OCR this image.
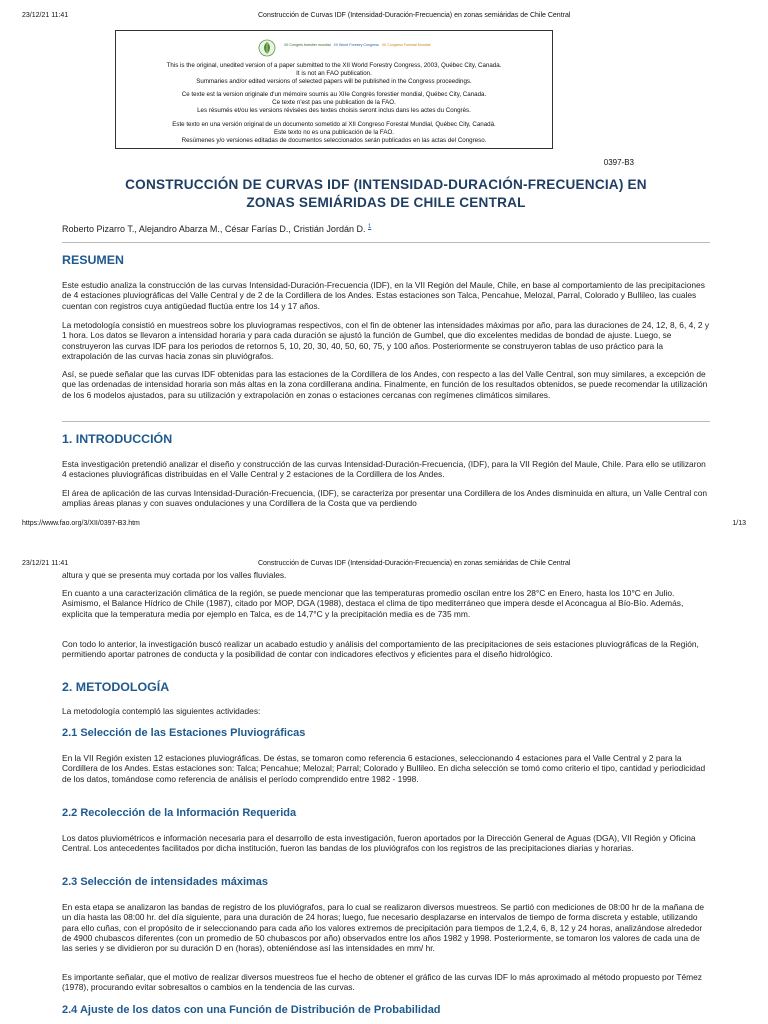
23/12/21 11:41	Construcción de Curvas IDF (Intensidad-Duración-Frecuencia) en zonas semiáridas de Chile Central
XII Congrès forestier mondial XII World Forestry Congress XII Congreso Forestal Mundial
This is the original, unedited version of a paper submitted to the XII World Forestry Congress, 2003, Québec City, Canada.
It is not an FAO publication.
Summaries and/or edited versions of selected papers will be published in the Congress proceedings.
Ce texte est la version originale d'un mémoire soumis au XIIe Congrès forestier mondial, Québec City, Canada.
Ce texte n'est pas une publication de la FAO.
Les résumés et/ou les versions révisées des textes choisis seront inclus dans les actes du Congrès.
Este texto en una versión original de un documento sometido al XII Congreso Forestal Mundial, Québec City, Canadá.
Este texto no es una publicación de la FAO.
Resúmenes y/o versiones editadas de documentos seleccionados serán publicados en las actas del Congreso.
0397-B3
CONSTRUCCIÓN DE CURVAS IDF (INTENSIDAD-DURACIÓN-FRECUENCIA) EN
ZONAS SEMIÁRIDAS DE CHILE CENTRAL

Roberto Pizarro T., Alejandro Abarza M., César Farías D., Cristián Jordán D. $^1$

RESUMEN

Este estudio analiza la construcción de las curvas Intensidad-Duración-Frecuencia (IDF), en la VII Región del Maule, Chile, en base al comportamiento de las precipitaciones de 4 estaciones pluviográficas del Valle Central y de 2 de la Cordillera de los Andes. Estas estaciones son Talca, Pencahue, Melozal, Parral, Colorado y Bullileo, las cuales cuentan con registros cuya antigüedad fluctúa entre los 14 y 17 años.

La metodología consistió en muestreos sobre los pluviogramas respectivos, con el fin de obtener las intensidades máximas por año, para las duraciones de 24, 12, 8, 6, 4, 2 y 1 hora. Los datos se llevaron a intensidad horaria y para cada duración se ajustó la función de Gumbel, que dio excelentes medidas de bondad de ajuste. Luego, se construyeron las curvas IDF para los periodos de retornos 5, 10, 20, 30, 40, 50, 60, 75, y 100 años. Posteriormente se construyeron tablas de uso práctico para la extrapolación de las curvas hacia zonas sin pluviógrafos.

Así, se puede señalar que las curvas IDF obtenidas para las estaciones de la Cordillera de los Andes, con respecto a las del Valle Central, son muy similares, a excepción de que las ordenadas de intensidad horaria son más altas en la zona cordillerana andina. Finalmente, en función de los resultados obtenidos, se puede recomendar la utilización de los 6 modelos ajustados, para su utilización y extrapolación en zonas o estaciones cercanas con regímenes climáticos similares.

1. INTRODUCCIÓN

Esta investigación pretendió analizar el diseño y construcción de las curvas Intensidad-Duración-Frecuencia, (IDF), para la VII Región del Maule, Chile. Para ello se utilizaron 4 estaciones pluviográficas distribuidas en el Valle Central y 2 estaciones de la Cordillera de los Andes.

El área de aplicación de las curvas Intensidad-Duración-Frecuencia, (IDF), se caracteriza por presentar una Cordillera de los Andes disminuida en altura, un Valle Central con amplias áreas planas y con suaves ondulaciones y una Cordillera de la Costa que va perdiendo

https://www.fao.org/3/XII/0397-B3.htm	1/13
23/12/21 11:41	Construcción de Curvas IDF (Intensidad-Duración-Frecuencia) en zonas semiáridas de Chile Central

altura y que se presenta muy cortada por los valles fluviales.

En cuanto a una caracterización climática de la región, se puede mencionar que las temperaturas promedio oscilan entre los 28°C en Enero, hasta los 10°C en Julio. Asimismo, el Balance Hídrico de Chile (1987), citado por MOP, DGA (1988), destaca el clima de tipo mediterráneo que impera desde el Aconcagua al Bío-Bío. Además, explicita que la temperatura media por ejemplo en Talca, es de 14,7°C y la precipitación media es de 735 mm.

Con todo lo anterior, la investigación buscó realizar un acabado estudio y análisis del comportamiento de las precipitaciones de seis estaciones pluviográficas de la Región, permitiendo aportar patrones de conducta y la posibilidad de contar con indicadores efectivos y eficientes para el diseño hidrológico.

2. METODOLOGÍA

La metodología contempló las siguientes actividades:

2.1 Selección de las Estaciones Pluviográficas

En la VII Región existen 12 estaciones pluviográficas. De éstas, se tomaron como referencia 6 estaciones, seleccionando 4 estaciones para el Valle Central y 2 para la Cordillera de los Andes. Estas estaciones son: Talca; Pencahue; Melozal; Parral; Colorado y Bullileo. En dicha selección se tomó como criterio el tipo, cantidad y periodicidad de los datos, tomándose como referencia de análisis el período comprendido entre 1982 - 1998.

2.2 Recolección de la Información Requerida

Los datos pluviométricos e información necesaria para el desarrollo de esta investigación, fueron aportados por la Dirección General de Aguas (DGA), VII Región y Oficina Central. Los antecedentes facilitados por dicha institución, fueron las bandas de los pluviógrafos con los registros de las precipitaciones diarias y horarias.

2.3 Selección de intensidades máximas

En esta etapa se analizaron las bandas de registro de los pluviógrafos, para lo cual se realizaron diversos muestreos. Se partió con mediciones de 08:00 hr de la mañana de un día hasta las 08:00 hr. del día siguiente, para una duración de 24 horas; luego, fue necesario desplazarse en intervalos de tiempo de forma discreta y estable, utilizando para ello cuñas, con el propósito de ir seleccionando para cada año los valores extremos de precipitación para tiempos de 1,2,4, 6, 8, 12 y 24 horas, analizándose alrededor de 4900 chubascos diferentes (con un promedio de 50 chubascos por año) observados entre los años 1982 y 1998. Posteriormente, se tomaron los valores de cada una de las series y se dividieron por su duración D en (horas), obteniéndose así las intensidades en mm/ hr.

Es importante señalar, que el motivo de realizar diversos muestreos fue el hecho de obtener el gráfico de las curvas IDF lo más aproximado al método propuesto por Témez (1978), procurando evitar sobresaltos o cambios en la tendencia de las curvas.

2.4 Ajuste de los datos con una Función de Distribución de Probabilidad
